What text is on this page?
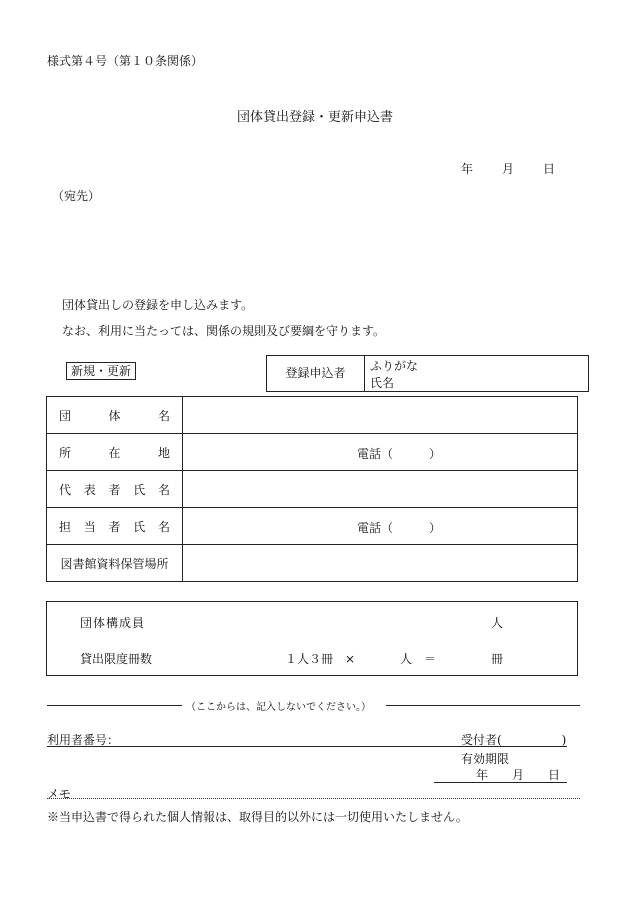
様式第４号（第１０条関係）
団体貸出登録・更新申込書
年 月 日
（宛先）
団体貸出しの登録を申し込みます。
なお、利用に当たっては、関係の規則及び要綱を守ります。
新規・更新	登録申込者	ふりがな
氏名
団体名	
所在地	電話（　　　）

代表者氏名	
担当者氏名	電話（　　　）

図書館資料保管場所	
団体構成員	人
貸出限度冊数	１人３冊　×	人　＝	冊
（ここからは、記入しないでください。）
利用者番号：	受付者(　　　　　)
有効期限
年　　月　　日
メモ
※当申込書で得られた個人情報は、取得目的以外には一切使用いたしません。
